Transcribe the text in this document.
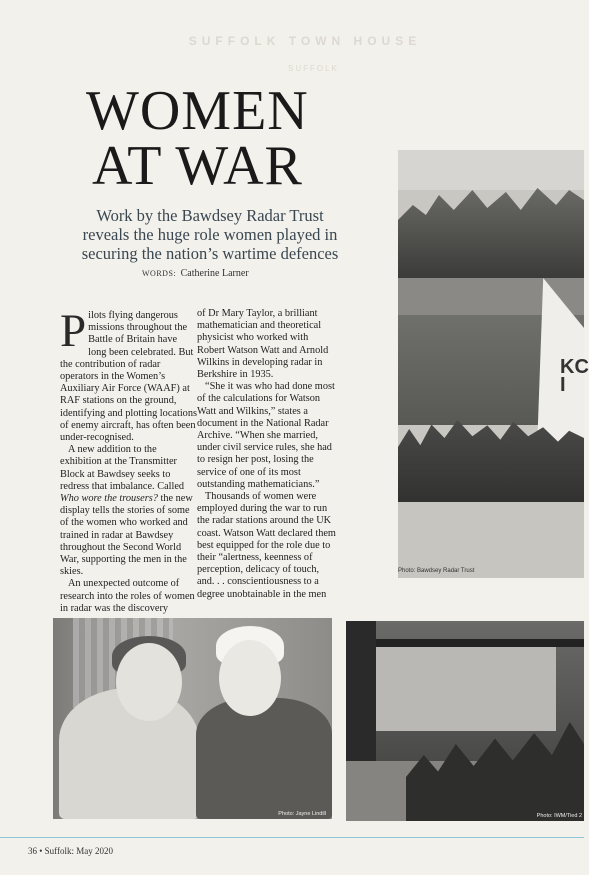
SUFFOLK TOWN HOUSE
SUFFOLK
WOMEN
AT WAR
Work by the Bawdsey Radar Trust reveals the huge role women played in securing the nation’s wartime defences
WORDS: Catherine Larner

Pilots flying dangerous missions throughout the Battle of Britain have long been celebrated. But the contribution of radar operators in the Women’s Auxiliary Air Force (WAAF) at RAF stations on the ground, identifying and plotting locations of enemy aircraft, has often been under-recognised.

A new addition to the exhibition at the Transmitter Block at Bawdsey seeks to redress that imbalance. Called Who wore the trousers? the new display tells the stories of some of the women who worked and trained in radar at Bawdsey throughout the Second World War, supporting the men in the skies.

An unexpected outcome of research into the roles of women in radar was the discovery

of Dr Mary Taylor, a brilliant mathematician and theoretical physicist who worked with Robert Watson Watt and Arnold Wilkins in developing radar in Berkshire in 1935.

“She it was who had done most of the calculations for Watson Watt and Wilkins,” states a document in the National Radar Archive. “When she married, under civil service rules, she had to resign her post, losing the service of one of its most outstanding mathematicians.”

Thousands of women were employed during the war to run the radar stations around the UK coast. Watson Watt declared them best equipped for the role due to their “alertness, keenness of perception, delicacy of touch, and. . . conscientiousness to a degree unobtainable in the men

KC
I
Photo: Bawdsey Radar Trust
Photo: Jayne Lindill	Photo: IWM/Tied 2
36 • Suffolk: May 2020
